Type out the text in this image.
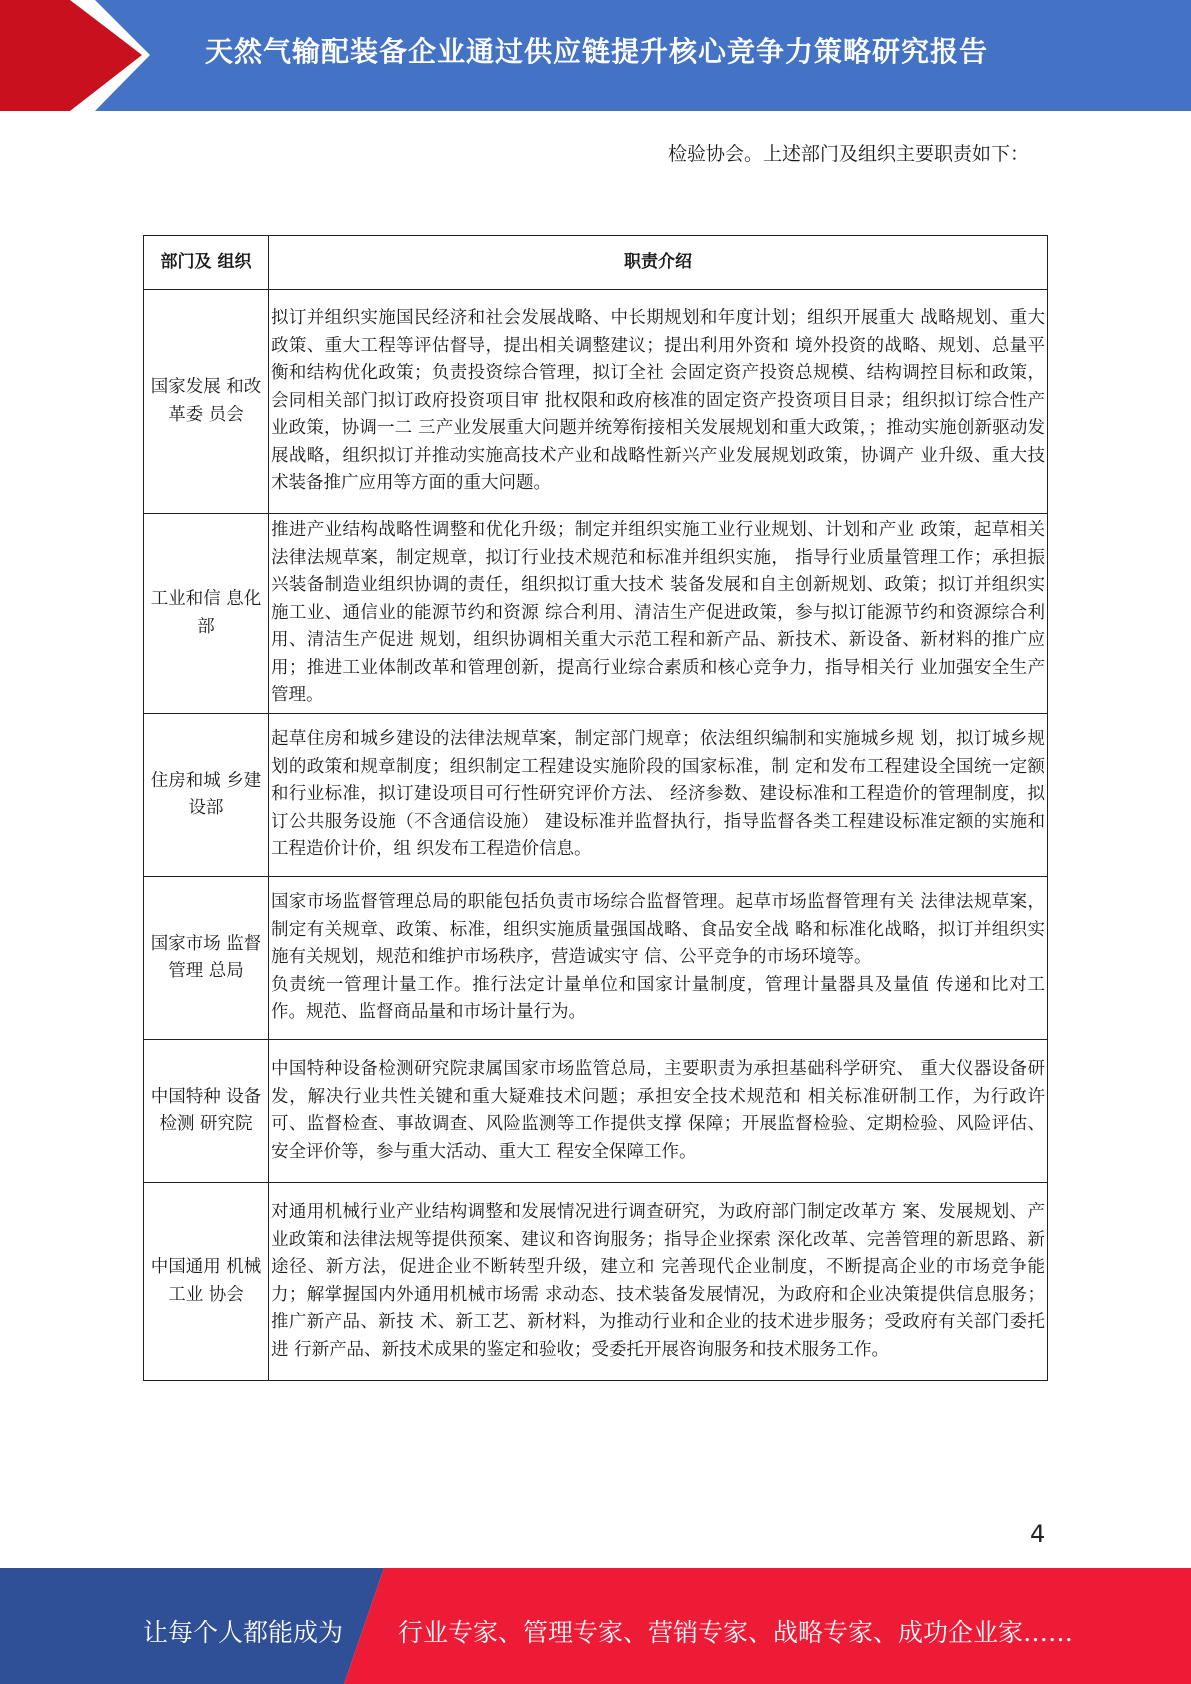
天然气输配装备企业通过供应链提升核心竞争力策略研究报告
检验协会。上述部门及组织主要职责如下：
部门及 组织	职责介绍
国家发展 和改革委 员会	拟订并组织实施国民经济和社会发展战略、中长期规划和年度计划；组织开展重大 战略规划、重大政策、重大工程等评估督导，提出相关调整建议；提出利用外资和 境外投资的战略、规划、总量平衡和结构优化政策；负责投资综合管理，拟订全社 会固定资产投资总规模、结构调控目标和政策，会同相关部门拟订政府投资项目审 批权限和政府核准的固定资产投资项目目录；组织拟订综合性产业政策，协调一二 三产业发展重大问题并统筹衔接相关发展规划和重大政策，；推动实施创新驱动发展战略，组织拟订并推动实施高技术产业和战略性新兴产业发展规划政策，协调产 业升级、重大技术装备推广应用等方面的重大问题。

工业和信 息化部	推进产业结构战略性调整和优化升级；制定并组织实施工业行业规划、计划和产业 政策，起草相关法律法规草案，制定规章，拟订行业技术规范和标准并组织实施， 指导行业质量管理工作；承担振兴装备制造业组织协调的责任，组织拟订重大技术 装备发展和自主创新规划、政策；拟订并组织实施工业、通信业的能源节约和资源 综合利用、清洁生产促进政策，参与拟订能源节约和资源综合利用、清洁生产促进 规划，组织协调相关重大示范工程和新产品、新技术、新设备、新材料的推广应 用；推进工业体制改革和管理创新，提高行业综合素质和核心竞争力，指导相关行 业加强安全生产管理。

住房和城 乡建设部	起草住房和城乡建设的法律法规草案，制定部门规章；依法组织编制和实施城乡规 划，拟订城乡规划的政策和规章制度；组织制定工程建设实施阶段的国家标准，制 定和发布工程建设全国统一定额和行业标准，拟订建设项目可行性研究评价方法、 经济参数、建设标准和工程造价的管理制度，拟订公共服务设施（不含通信设施） 建设标准并监督执行，指导监督各类工程建设标准定额的实施和工程造价计价，组 织发布工程造价信息。

国家市场 监督管理 总局	国家市场监督管理总局的职能包括负责市场综合监督管理。起草市场监督管理有关 法律法规草案，制定有关规章、政策、标准，组织实施质量强国战略、食品安全战 略和标准化战略，拟订并组织实施有关规划，规范和维护市场秩序，营造诚实守 信、公平竞争的市场环境等。
负责统一管理计量工作。推行法定计量单位和国家计量制度，管理计量器具及量值 传递和比对工作。规范、监督商品量和市场计量行为。

中国特种 设备检测 研究院	中国特种设备检测研究院隶属国家市场监管总局，主要职责为承担基础科学研究、 重大仪器设备研发，解决行业共性关键和重大疑难技术问题；承担安全技术规范和 相关标准研制工作，为行政许可、监督检查、事故调查、风险监测等工作提供支撑 保障；开展监督检验、定期检验、风险评估、安全评价等，参与重大活动、重大工 程安全保障工作。

中国通用 机械工业 协会	对通用机械行业产业结构调整和发展情况进行调查研究，为政府部门制定改革方 案、发展规划、产业政策和法律法规等提供预案、建议和咨询服务；指导企业探索 深化改革、完善管理的新思路、新途径、新方法，促进企业不断转型升级，建立和 完善现代企业制度，不断提高企业的市场竞争能力；解掌握国内外通用机械市场需 求动态、技术装备发展情况，为政府和企业决策提供信息服务；推广新产品、新技 术、新工艺、新材料，为推动行业和企业的技术进步服务；受政府有关部门委托进 行新产品、新技术成果的鉴定和验收；受委托开展咨询服务和技术服务工作。
4
让每个人都能成为 行业专家、管理专家、营销专家、战略专家、成功企业家……
